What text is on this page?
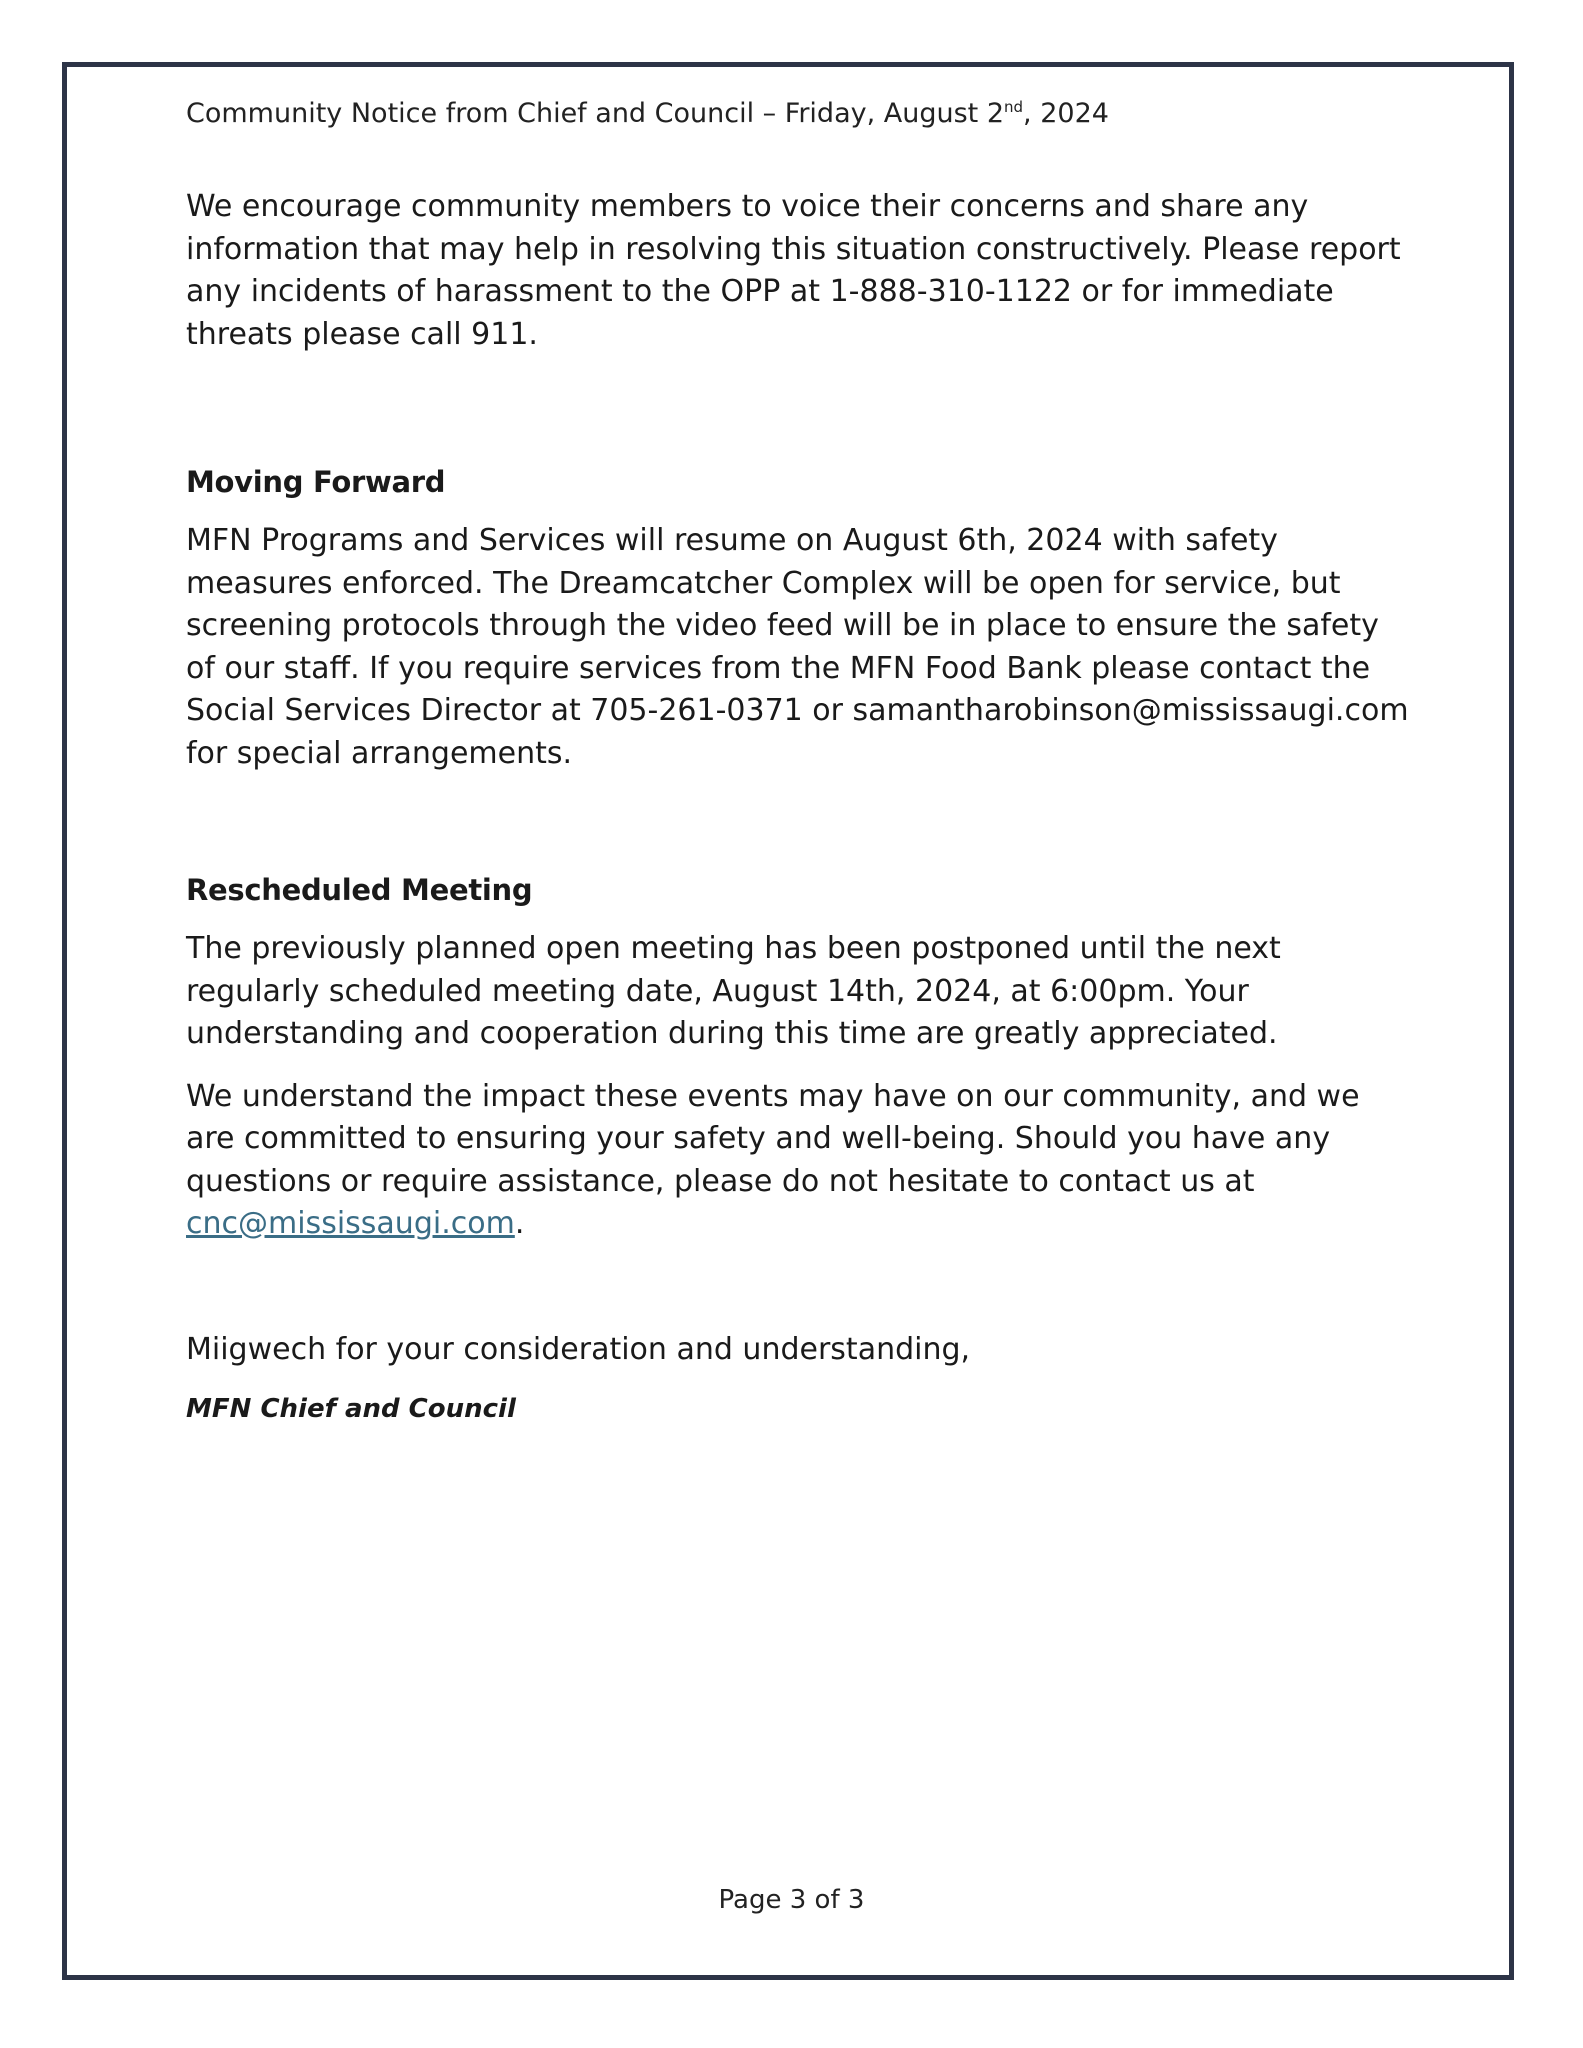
Community Notice from Chief and Council – Friday, August 2nd, 2024

We encourage community members to voice their concerns and share any information that may help in resolving this situation constructively. Please report any incidents of harassment to the OPP at 1-888-310-1122 or for immediate threats please call 911.

Moving Forward

MFN Programs and Services will resume on August 6th, 2024 with safety measures enforced. The Dreamcatcher Complex will be open for service, but screening protocols through the video feed will be in place to ensure the safety of our staff. If you require services from the MFN Food Bank please contact the Social Services Director at 705-261-0371 or samantharobinson@mississaugi.com for special arrangements.

Rescheduled Meeting

The previously planned open meeting has been postponed until the next regularly scheduled meeting date, August 14th, 2024, at 6:00pm. Your understanding and cooperation during this time are greatly appreciated.

We understand the impact these events may have on our community, and we are committed to ensuring your safety and well-being. Should you have any questions or require assistance, please do not hesitate to contact us at cnc@mississaugi.com.

Miigwech for your consideration and understanding,

MFN Chief and Council

Page 3 of 3
